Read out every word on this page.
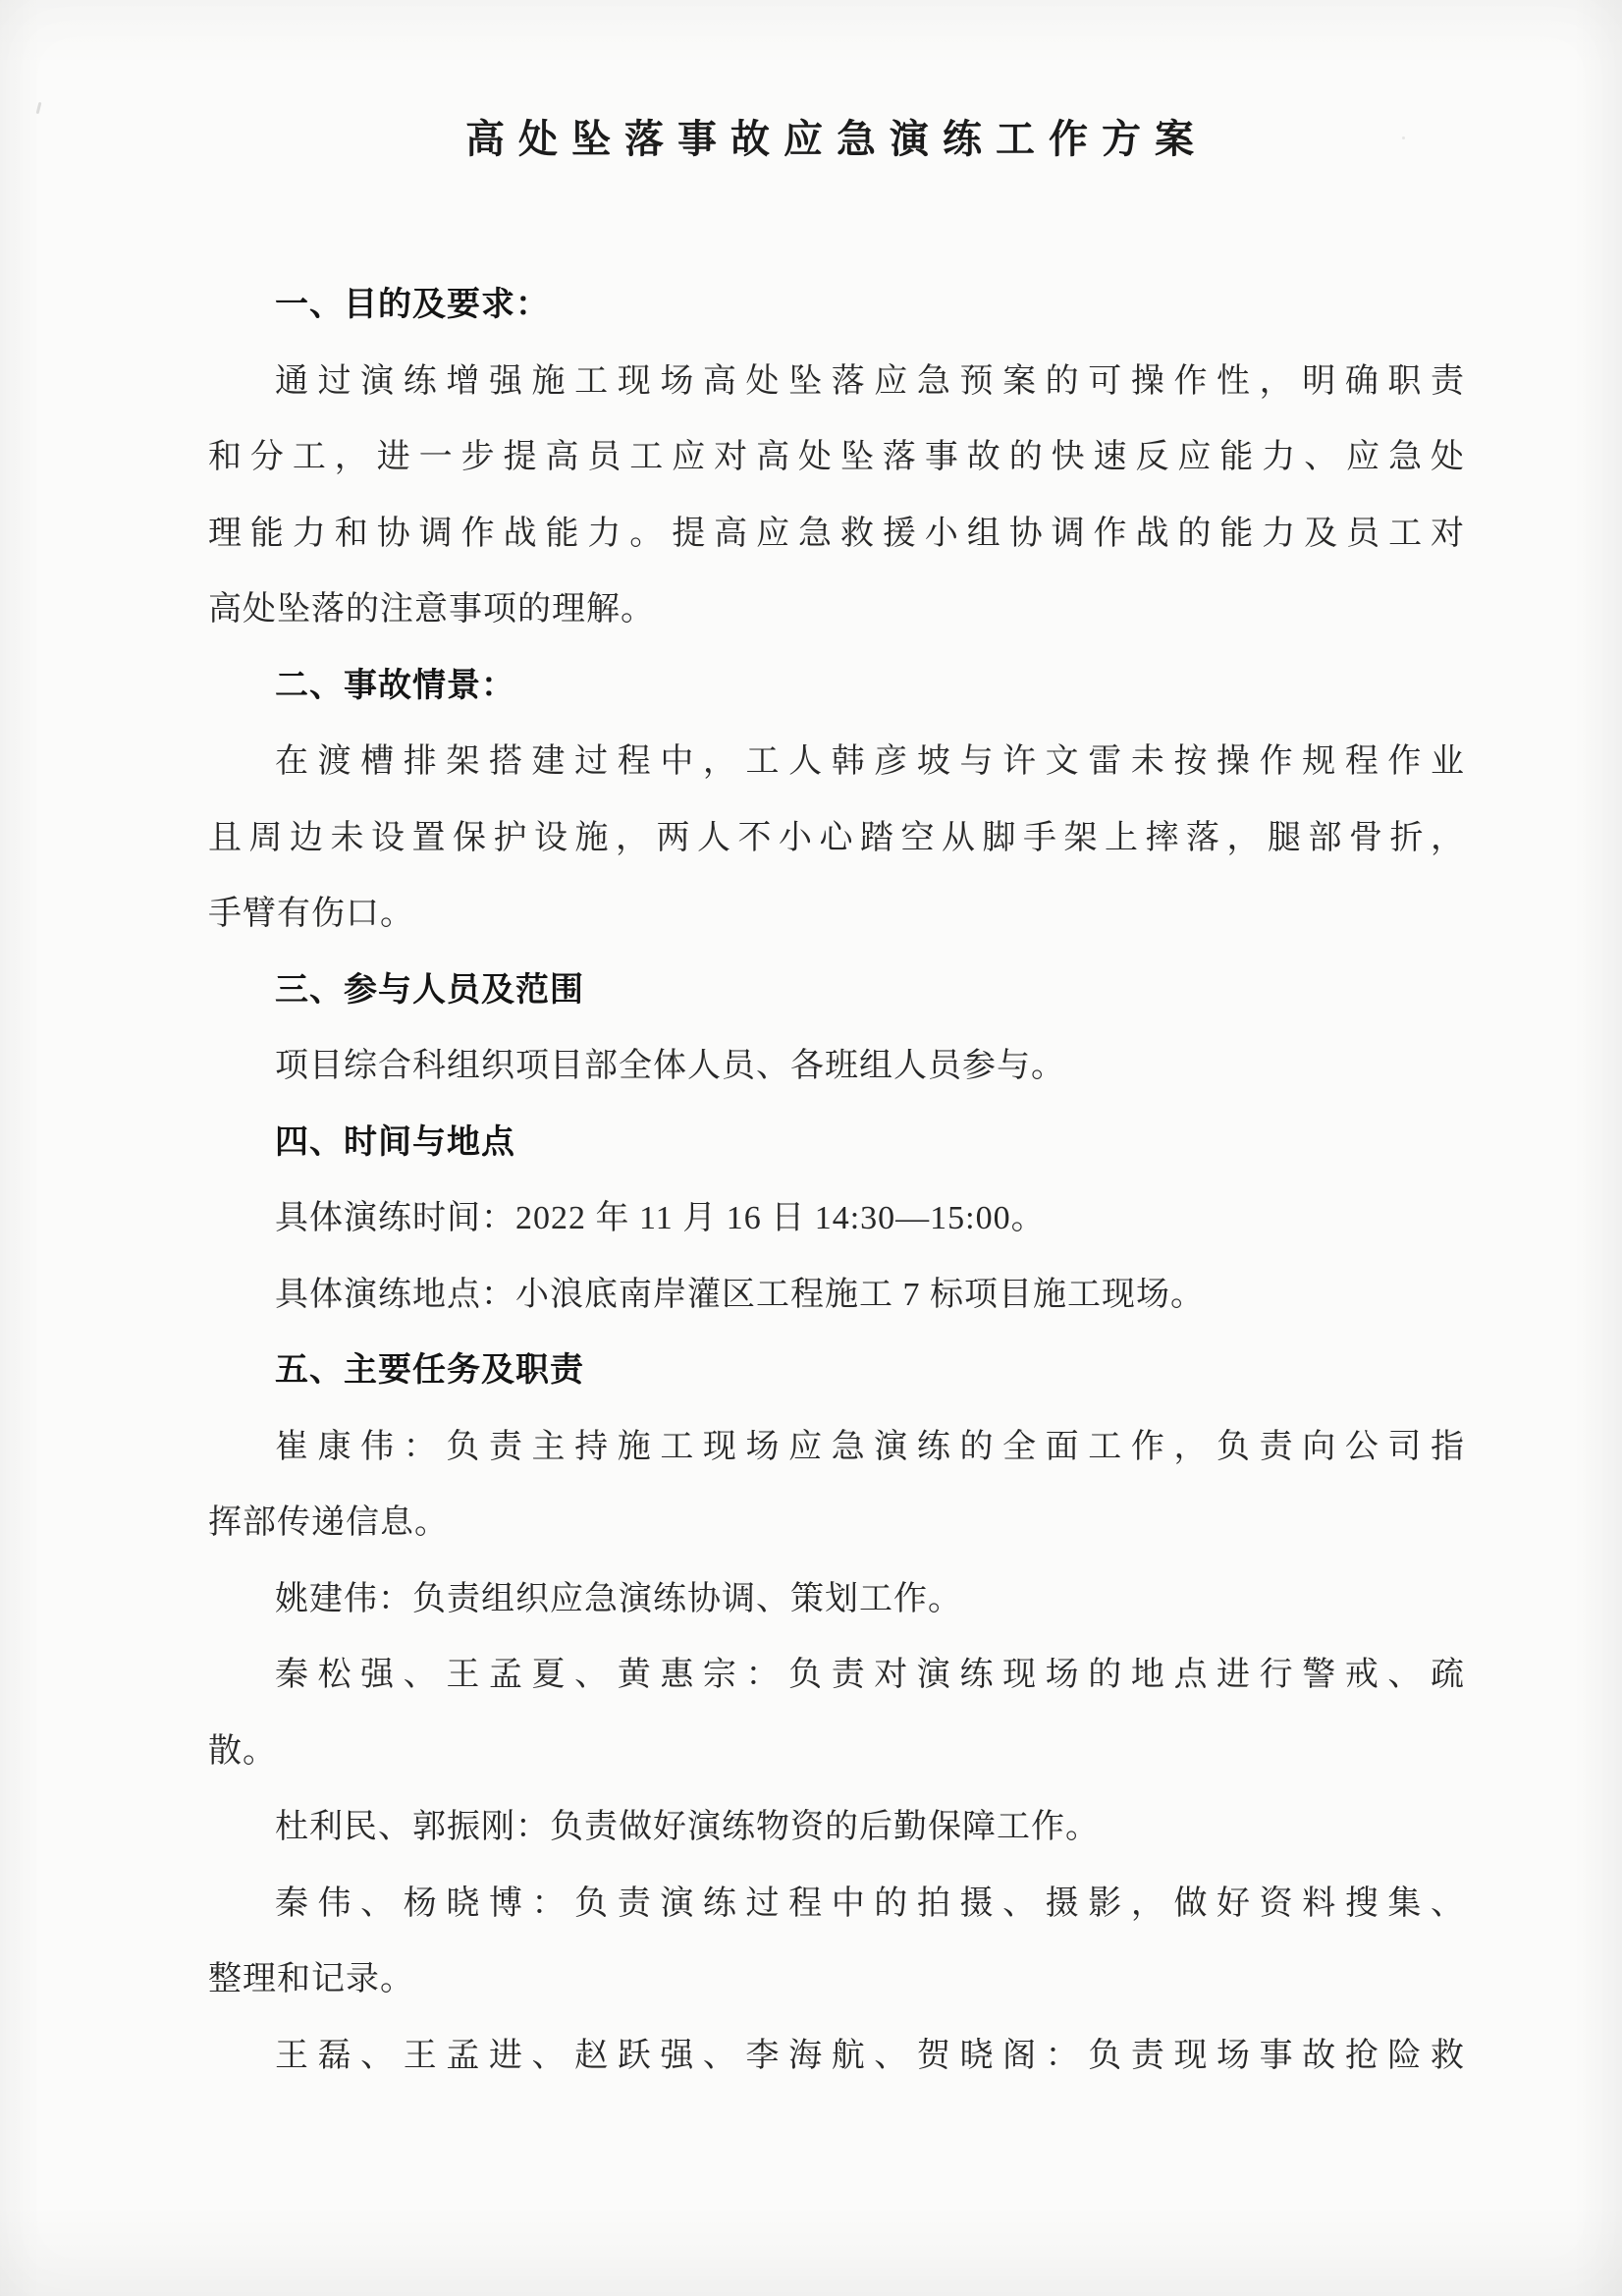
高处坠落事故应急演练工作方案
一、目的及要求：
通过演练增强施工现场高处坠落应急预案的可操作性，明确职责
和分工，进一步提高员工应对高处坠落事故的快速反应能力、应急处
理能力和协调作战能力。提高应急救援小组协调作战的能力及员工对
高处坠落的注意事项的理解。
二、事故情景：
在渡槽排架搭建过程中，工人韩彦坡与许文雷未按操作规程作业
且周边未设置保护设施，两人不小心踏空从脚手架上摔落，腿部骨折，
手臂有伤口。
三、参与人员及范围
项目综合科组织项目部全体人员、各班组人员参与。
四、时间与地点
具体演练时间：2022 年 11 月 16 日 14:30—15:00。
具体演练地点：小浪底南岸灌区工程施工 7 标项目施工现场。
五、主要任务及职责
崔康伟：负责主持施工现场应急演练的全面工作，负责向公司指
挥部传递信息。
姚建伟：负责组织应急演练协调、策划工作。
秦松强、王孟夏、黄惠宗：负责对演练现场的地点进行警戒、疏
散。
杜利民、郭振刚：负责做好演练物资的后勤保障工作。
秦伟、杨晓博：负责演练过程中的拍摄、摄影，做好资料搜集、
整理和记录。
王磊、王孟进、赵跃强、李海航、贺晓阁：负责现场事故抢险救
